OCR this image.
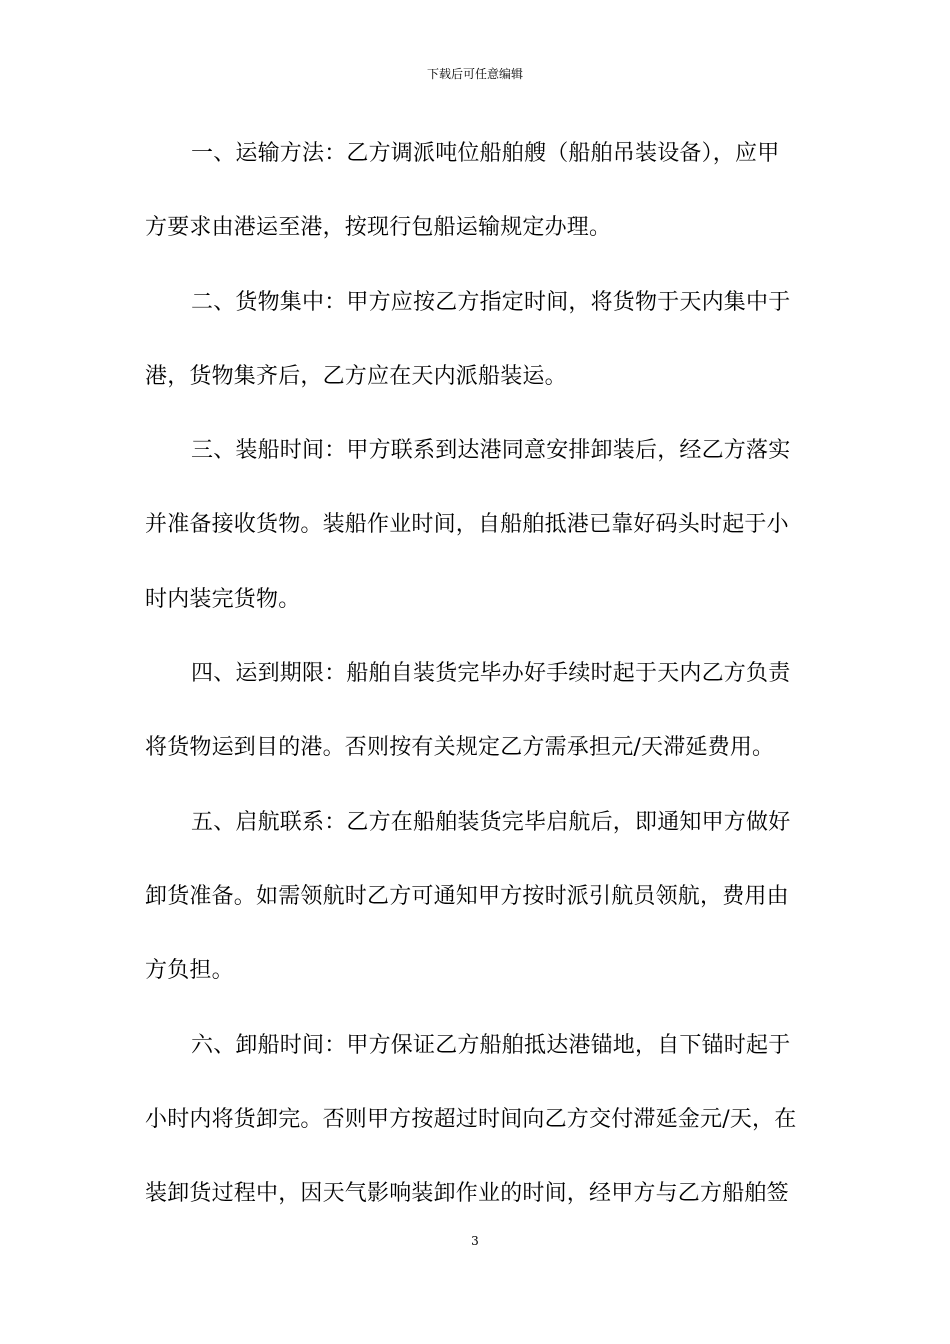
下载后可任意编辑
一、运输方法：乙方调派吨位船舶艘（船舶吊装设备），应甲
方要求由港运至港，按现行包船运输规定办理。
二、货物集中：甲方应按乙方指定时间，将货物于天内集中于
港，货物集齐后，乙方应在天内派船装运。
三、装船时间：甲方联系到达港同意安排卸装后，经乙方落实
并准备接收货物。装船作业时间，自船舶抵港已靠好码头时起于小
时内装完货物。
四、运到期限：船舶自装货完毕办好手续时起于天内乙方负责
将货物运到目的港。否则按有关规定乙方需承担元/天滞延费用。
五、启航联系：乙方在船舶装货完毕启航后，即通知甲方做好
卸货准备。如需领航时乙方可通知甲方按时派引航员领航，费用由
方负担。
六、卸船时间：甲方保证乙方船舶抵达港锚地，自下锚时起于
小时内将货卸完。否则甲方按超过时间向乙方交付滞延金元/天，在
装卸货过程中，因天气影响装卸作业的时间，经甲方与乙方船舶签
3
